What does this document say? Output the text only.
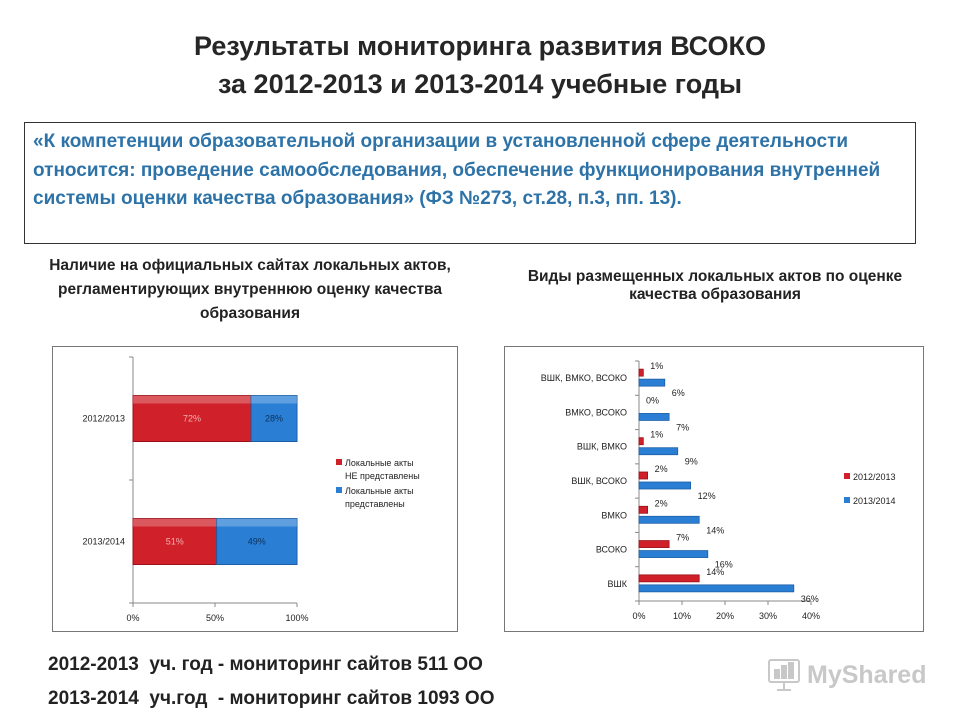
Результаты мониторинга развития ВСОКО
за 2012-2013 и 2013-2014 учебные годы
«К компетенции образовательной организации в установленной сфере деятельности относится: проведение самообследования, обеспечение функционирования внутренней системы оценки качества образования» (ФЗ №273, ст.28, п.3, пп. 13).
Наличие на официальных сайтах локальных актов, регламентирующих внутреннюю оценку качества образования
Виды размещенных локальных актов по оценке качества образования
0%	50%	100%
2012/2013	72%	28%
2013/2014	51%	49%
Локальные акты
НЕ представлены
Локальные акты
представлены
0%	10%	20%	30%	40%
ВШК, ВМКО, ВСОКО
1%
6%
ВМКО, ВСОКО
0%
7%
ВШК, ВМКО
1%
9%
ВШК, ВСОКО
2%
12%
ВМКО
2%
14%
ВСОКО
7%
16%
ВШК
14%
36%
2012/2013
2013/2014
2012-2013  уч. год - мониторинг сайтов 511 ОО
2013-2014  уч.год  - мониторинг сайтов 1093 ОО
MyShared
